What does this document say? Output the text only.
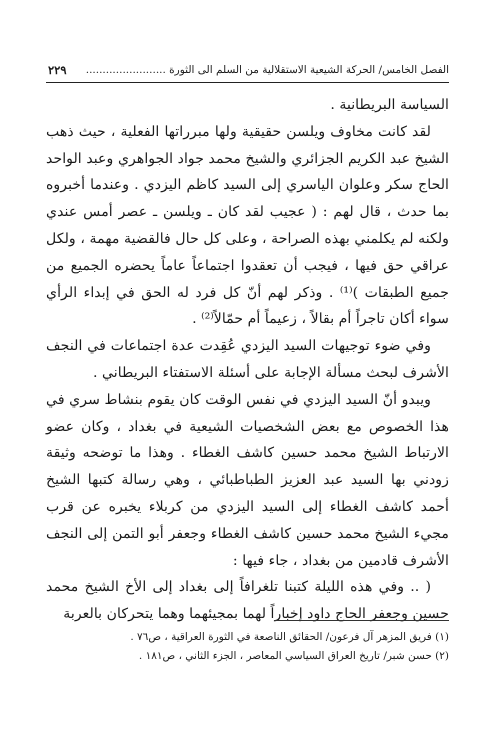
الفصل الخامس/ الحركة الشيعية الاستقلالية من السلم الى الثورة ........................
٢٢٩

السياسة البريطانية .

لقد كانت مخاوف ويلسن حقيقية ولها مبرراتها الفعلية ، حيث ذهب الشيخ عبد الكريم الجزائري والشيخ محمد جواد الجواهري وعبد الواحد الحاج سكر وعلوان الياسري إلى السيد كاظم اليزدي . وعندما أخبروه بما حدث ، قال لهم : ( عجيب لقد كان ـ ويلسن ـ عصر أمس عندي ولكنه لم يكلمني بهذه الصراحة ، وعلى كل حال فالقضية مهمة ، ولكل عراقي حق فيها ، فيجب أن تعقدوا اجتماعاً عاماً يحضره الجميع من جميع الطبقات )⁽¹⁾ . وذكر لهم أنّ كل فرد له الحق في إبداء الرأي سواء أكان تاجراً أم بقالاً ، زعيماً أم حمّالاً⁽²⁾ .

وفي ضوء توجيهات السيد اليزدي عُقِدت عدة اجتماعات في النجف الأشرف لبحث مسألة الإجابة على أسئلة الاستفتاء البريطاني .

ويبدو أنّ السيد اليزدي في نفس الوقت كان يقوم بنشاط سري في هذا الخصوص مع بعض الشخصيات الشيعية في بغداد ، وكان عضو الارتباط الشيخ محمد حسين كاشف الغطاء . وهذا ما توضحه وثيقة زودني بها السيد عبد العزيز الطباطبائي ، وهي رسالة كتبها الشيخ أحمد كاشف الغطاء إلى السيد اليزدي من كربلاء يخبره عن قرب مجيء الشيخ محمد حسين كاشف الغطاء وجعفر أبو التمن إلى النجف الأشرف قادمين من بغداد ، جاء فيها :

( .. وفي هذه الليلة كتبنا تلغرافاً إلى بغداد إلى الأخ الشيخ محمد حسين وجعفر الحاج داود إخباراً لهما بمجيئهما وهما يتحركان بالعربة

(١) فريق المزهر آل فرعون/ الحقائق الناصعة في الثورة العراقية ، ص٧٦ .

(٢) حسن شبر/ تاريخ العراق السياسي المعاصر ، الجزء الثاني ، ص١٨١ .
